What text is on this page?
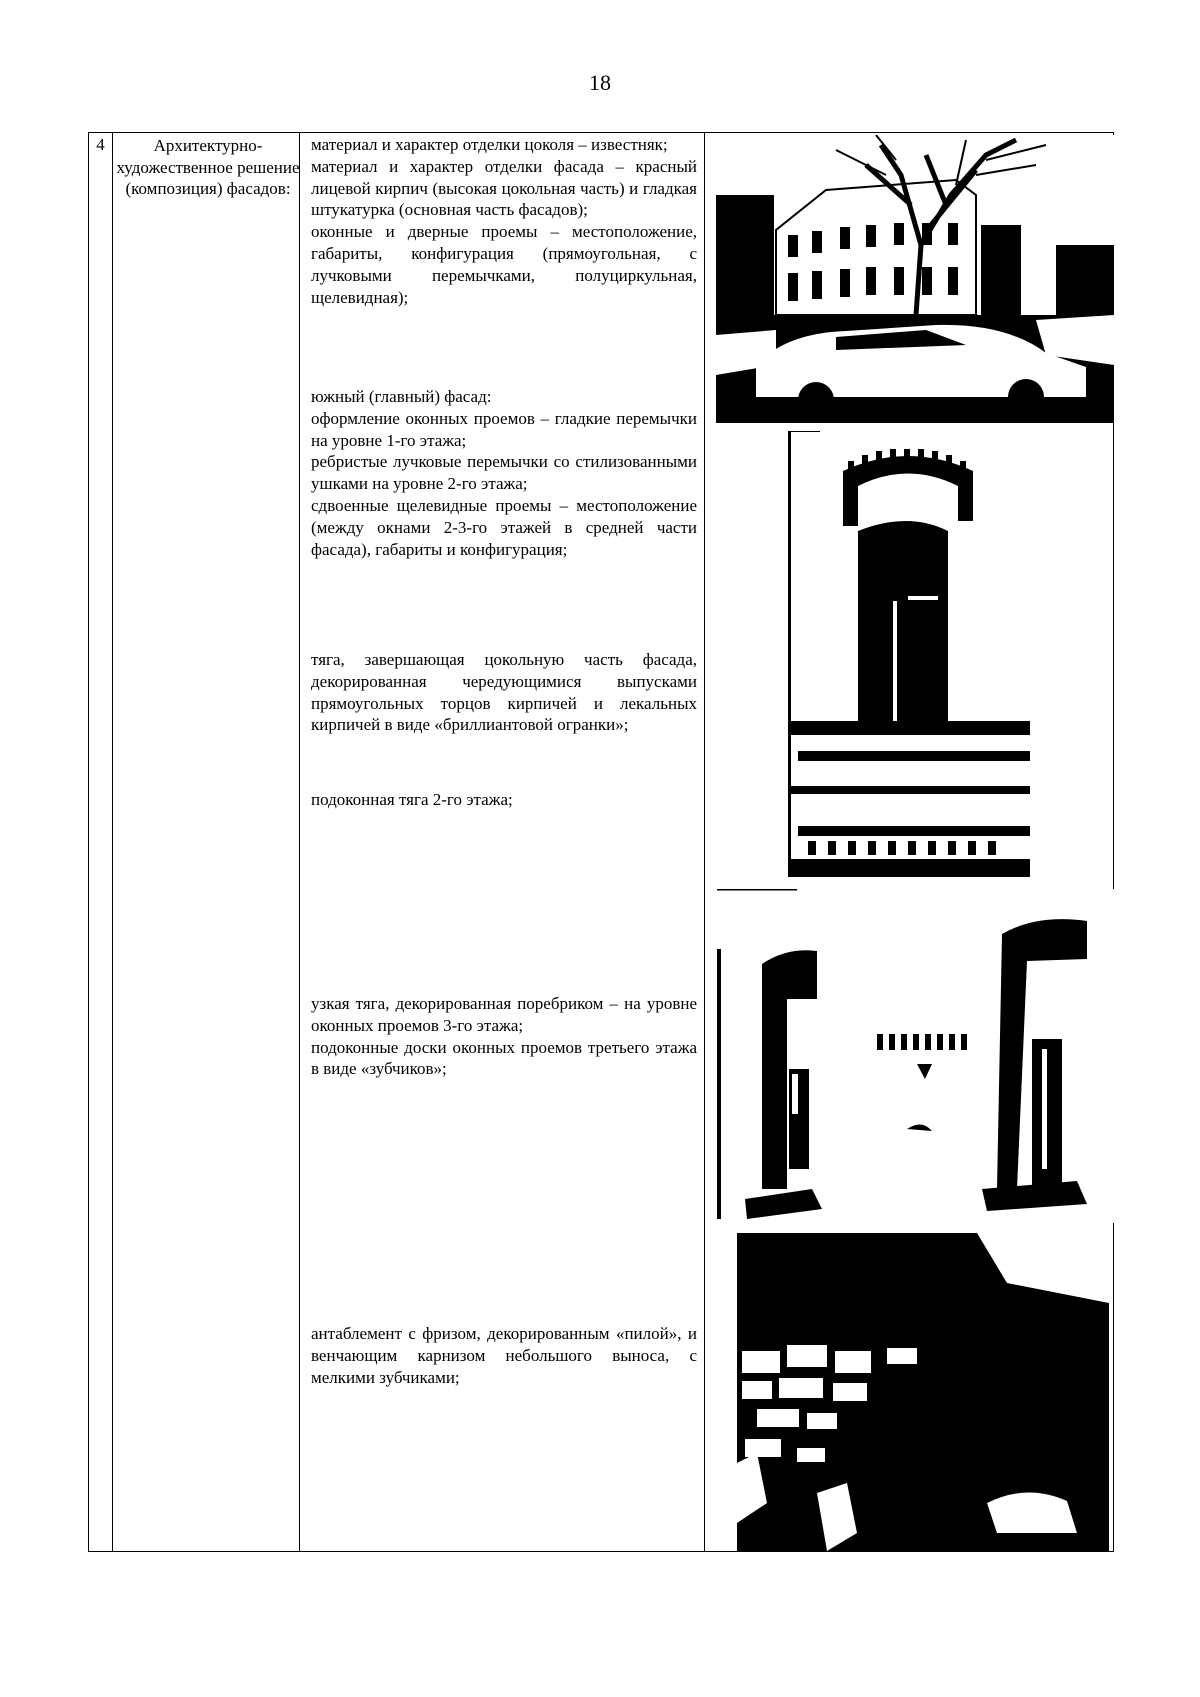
18
4	Архитектурно-художественное решение (композиция) фасадов:

материал и характер отделки цоколя – известняк;

материал и характер отделки фасада – красный лицевой кирпич (высокая цокольная часть) и гладкая штукатурка (основная часть фасадов);

оконные и дверные проемы – местоположение, габариты, конфигурация (прямоугольная, с лучковыми перемычками, полуциркульная, щелевидная);

южный (главный) фасад:

оформление оконных проемов – гладкие перемычки на уровне 1-го этажа;

ребристые лучковые перемычки со стилизованными ушками на уровне 2-го этажа;

сдвоенные щелевидные проемы – местоположение (между окнами 2-3-го этажей в средней части фасада), габариты и конфигурация;

тяга, завершающая цокольную часть фасада, декорированная чередующимися выпусками прямоугольных торцов кирпичей и лекальных кирпичей в виде «бриллиантовой огранки»;

подоконная тяга 2-го этажа;

узкая тяга, декорированная поребриком – на уровне оконных проемов 3-го этажа;

подоконные доски оконных проемов третьего этажа в виде «зубчиков»;

антаблемент с фризом, декорированным «пилой», и венчающим карнизом небольшого выноса, с мелкими зубчиками;
